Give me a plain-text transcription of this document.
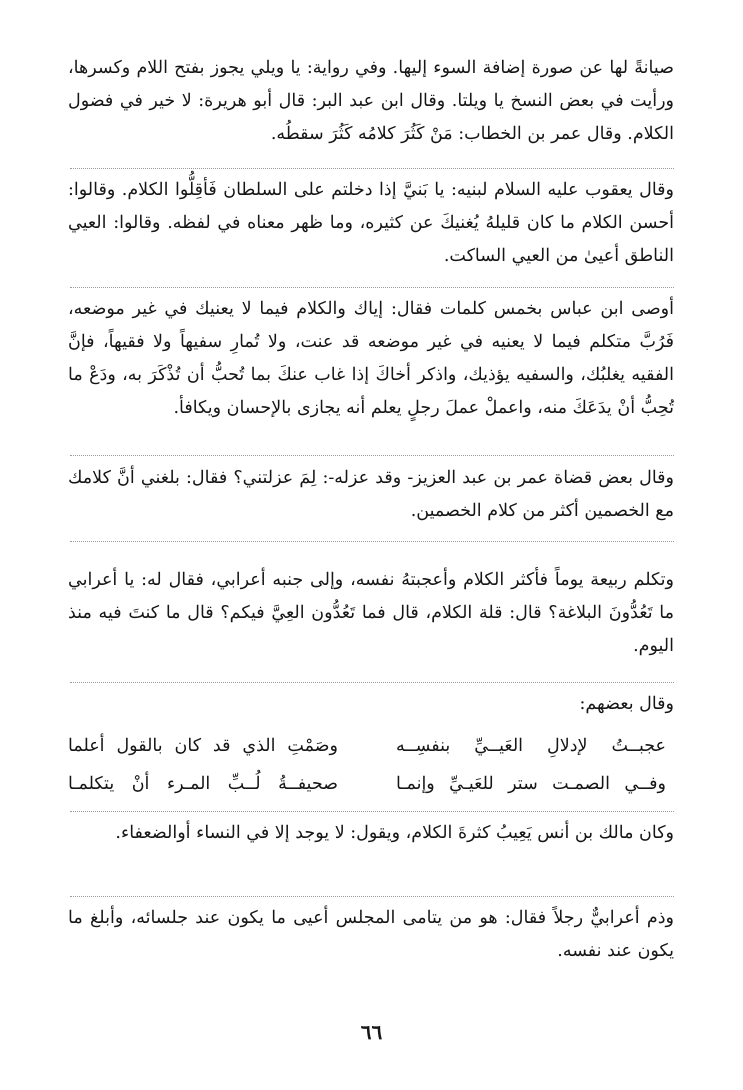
صيانةً لها عن صورة إضافة السوء إليها. وفي رواية: يا ويلي يجوز بفتح اللام وكسرها، ورأيت في بعض النسخ يا ويلتا. وقال ابن عبد البر: قال أبو هريرة: لا خير في فضول الكلام. وقال عمر بن الخطاب: مَنْ كَثُرَ كلامُه كَثُرَ سقطُه.

وقال يعقوب عليه السلام لبنيه: يا بَنيَّ إذا دخلتم على السلطان فَأقِلُّوا الكلام. وقالوا: أحسن الكلام ما كان قليلهُ يُغنيكَ عن كثيره، وما ظهر معناه في لفظه. وقالوا: العيي الناطق أعيىٰ من العيي الساكت.

أوصى ابن عباس بخمس كلمات فقال: إياك والكلام فيما لا يعنيك في غير موضعه، فَرُبَّ متكلم فيما لا يعنيه في غير موضعه قد عنت، ولا تُمارِ سفيهاً ولا فقيهاً، فإنَّ الفقيه يغلبُك، والسفيه يؤذيك، واذكر أخاكَ إذا غاب عنكَ بما تُحبُّ أن تُذْكَرَ به، ودَعْ ما تُحِبُّ أنْ يدَعَكَ منه، واعملْ عملَ رجلٍ يعلم أنه يجازى بالإحسان ويكافأ.

وقال بعض قضاة عمر بن عبد العزيز- وقد عزله-: لِمَ عزلتني؟ فقال: بلغني أنَّ كلامك مع الخصمين أكثر من كلام الخصمين.

وتكلم ربيعة يوماً فأكثر الكلام وأعجبتهُ نفسه، وإلى جنبه أعرابي، فقال له: يا أعرابي ما تَعُدُّونَ البلاغة؟ قال: قلة الكلام، قال فما تَعُدُّون العِيَّ فيكم؟ قال ما كنتَ فيه منذ اليوم.

وقال بعضهم:

عجبــتُ لإدلالِ العَيــيِّ بنفسِــه
وصَمْتِ الذي قد كان بالقول أعلما
وفــي الصمـت ستر للعَيـيِّ وإنمـا
صحيفــةُ لُــبِّ المـرء أنْ يتكلمـا

وكان مالك بن أنس يَعِيبُ كثرةَ الكلام، ويقول: لا يوجد إلا في النساء أوالضعفاء.

وذم أعرابيٌّ رجلاً فقال: هو من يتامى المجلس أعيى ما يكون عند جلسائه، وأبلغ ما يكون عند نفسه.

٦٦
